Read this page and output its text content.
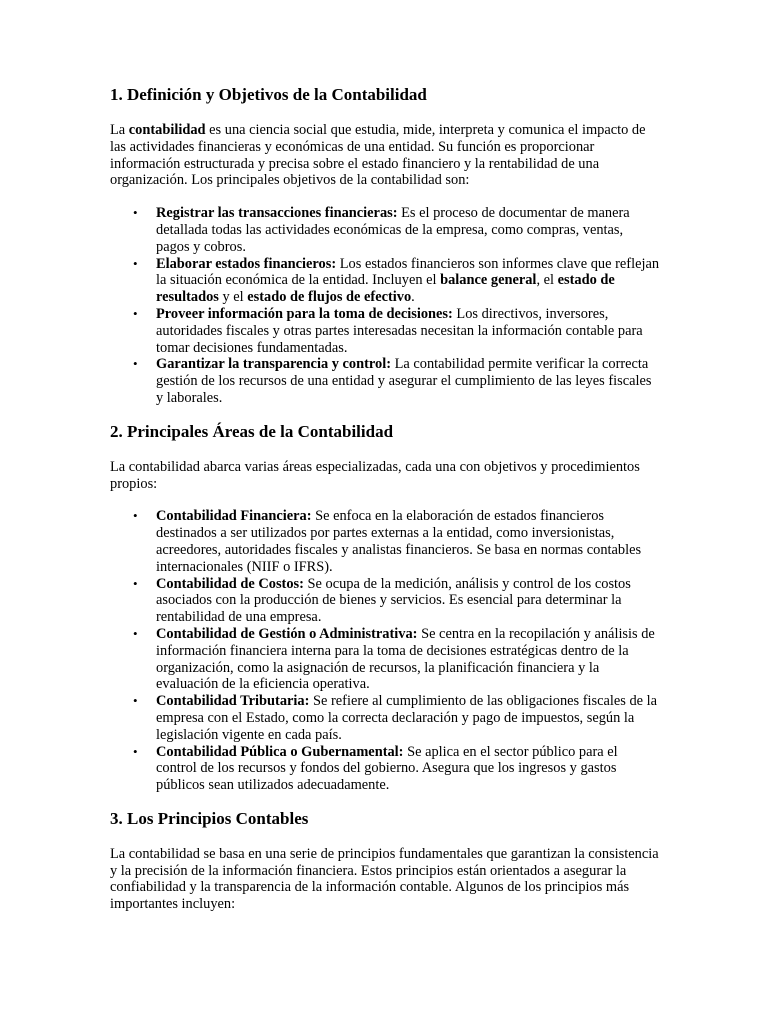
1. Definición y Objetivos de la Contabilidad

La contabilidad es una ciencia social que estudia, mide, interpreta y comunica el impacto de las actividades financieras y económicas de una entidad. Su función es proporcionar información estructurada y precisa sobre el estado financiero y la rentabilidad de una organización. Los principales objetivos de la contabilidad son:

• Registrar las transacciones financieras: Es el proceso de documentar de manera detallada todas las actividades económicas de la empresa, como compras, ventas, pagos y cobros.
• Elaborar estados financieros: Los estados financieros son informes clave que reflejan la situación económica de la entidad. Incluyen el balance general, el estado de resultados y el estado de flujos de efectivo.
• Proveer información para la toma de decisiones: Los directivos, inversores, autoridades fiscales y otras partes interesadas necesitan la información contable para tomar decisiones fundamentadas.
• Garantizar la transparencia y control: La contabilidad permite verificar la correcta gestión de los recursos de una entidad y asegurar el cumplimiento de las leyes fiscales y laborales.
2. Principales Áreas de la Contabilidad

La contabilidad abarca varias áreas especializadas, cada una con objetivos y procedimientos propios:

• Contabilidad Financiera: Se enfoca en la elaboración de estados financieros destinados a ser utilizados por partes externas a la entidad, como inversionistas, acreedores, autoridades fiscales y analistas financieros. Se basa en normas contables internacionales (NIIF o IFRS).
• Contabilidad de Costos: Se ocupa de la medición, análisis y control de los costos asociados con la producción de bienes y servicios. Es esencial para determinar la rentabilidad de una empresa.
• Contabilidad de Gestión o Administrativa: Se centra en la recopilación y análisis de información financiera interna para la toma de decisiones estratégicas dentro de la organización, como la asignación de recursos, la planificación financiera y la evaluación de la eficiencia operativa.
• Contabilidad Tributaria: Se refiere al cumplimiento de las obligaciones fiscales de la empresa con el Estado, como la correcta declaración y pago de impuestos, según la legislación vigente en cada país.
• Contabilidad Pública o Gubernamental: Se aplica en el sector público para el control de los recursos y fondos del gobierno. Asegura que los ingresos y gastos públicos sean utilizados adecuadamente.
3. Los Principios Contables

La contabilidad se basa en una serie de principios fundamentales que garantizan la consistencia y la precisión de la información financiera. Estos principios están orientados a asegurar la confiabilidad y la transparencia de la información contable. Algunos de los principios más importantes incluyen:
